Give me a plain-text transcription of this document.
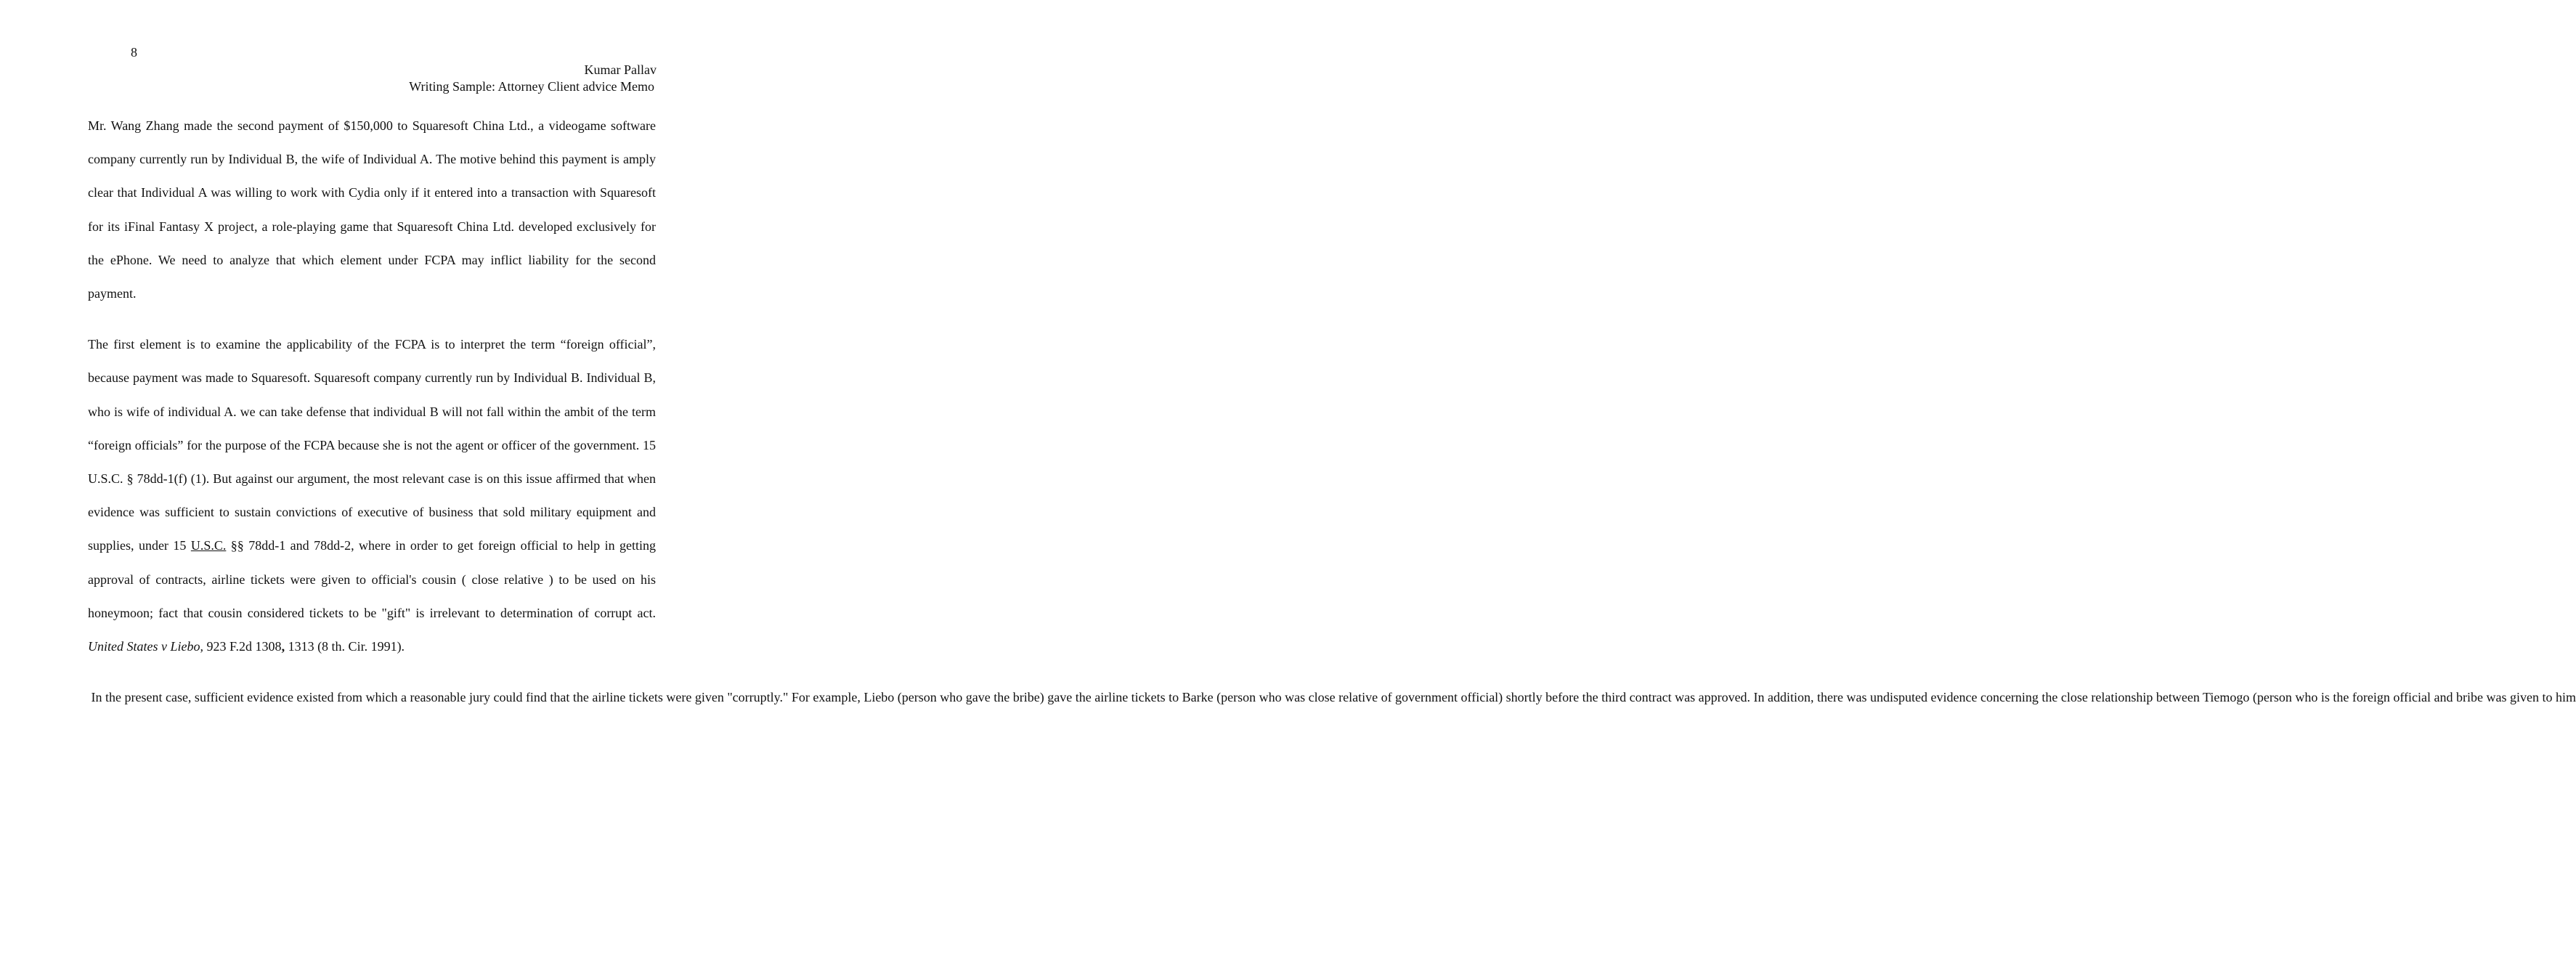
8
Kumar Pallav
Writing Sample: Attorney Client advice Memo

Mr. Wang Zhang made the second payment of $150,000 to Squaresoft China Ltd., a videogame software company currently run by Individual B, the wife of Individual A. The motive behind this payment is amply clear that Individual A was willing to work with Cydia only if it entered into a transaction with Squaresoft for its iFinal Fantasy X project, a role-playing game that Squaresoft China Ltd. developed exclusively for the ePhone. We need to analyze that which element under FCPA may inflict liability for the second payment.

The first element is to examine the applicability of the FCPA is to interpret the term “foreign official”, because payment was made to Squaresoft. Squaresoft company currently run by Individual B. Individual B, who is wife of individual A. we can take defense that individual B will not fall within the ambit of the term “foreign officials” for the purpose of the FCPA because she is not the agent or officer of the government. 15 U.S.C. § 78dd-1(f) (1). But against our argument, the most relevant case is on this issue affirmed that when evidence was sufficient to sustain convictions of executive of business that sold military equipment and supplies, under 15 U.S.C. §§ 78dd-1 and 78dd-2, where in order to get foreign official to help in getting approval of contracts, airline tickets were given to official's cousin ( close relative ) to be used on his honeymoon; fact that cousin considered tickets to be "gift" is irrelevant to determination of corrupt act. United States v Liebo, 923 F.2d 1308, 1313 (8 th. Cir. 1991).

In the present case, sufficient evidence existed from which a reasonable jury could find that the airline tickets were given "corruptly." For example, Liebo (person who gave the bribe) gave the airline tickets to Barke (person who was close relative of government official) shortly before the third contract was approved. In addition, there was undisputed evidence concerning the close relationship between Tiemogo (person who is the foreign official and bribe was given to him
